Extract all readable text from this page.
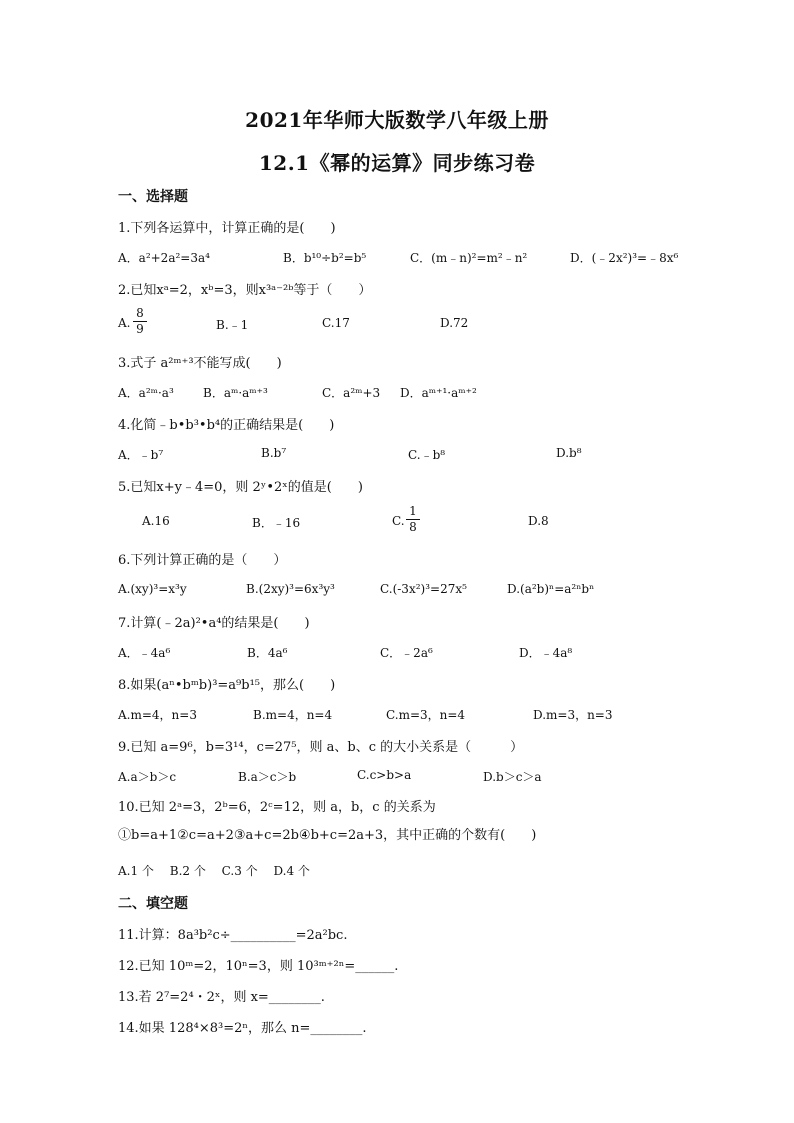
2021年华师大版数学八年级上册
12.1《幂的运算》同步练习卷
一、选择题
1.下列各运算中，计算正确的是(　　)
A．a²+2a²=3a⁴	B．b¹⁰÷b²=b⁵	C．(m﹣n)²=m²﹣n²	D．(﹣2x²)³=﹣8x⁶
2.已知xᵃ=2，xᵇ=3，则x³ᵃ⁻²ᵇ等于（　　）
A. $\frac{8}{9}$	B.﹣1	C.17	D.72
3.式子 a²ᵐ⁺³不能写成(　　)
A．a²ᵐ·a³ B．aᵐ·aᵐ⁺³	C．a²ᵐ+3 D．aᵐ⁺¹·aᵐ⁺²
4.化简﹣b•b³•b⁴的正确结果是(　　)
A．﹣b⁷	B.b⁷	C.﹣b⁸	D.b⁸
5.已知x+y﹣4=0，则 2ʸ•2ˣ的值是(　　)
A.16	B．﹣16	C. $\frac{1}{8}$	D.8
6.下列计算正确的是（　　）
A.(xy)³=x³y	B.(2xy)³=6x³y³	C.(-3x²)³=27x⁵	D.(a²b)ⁿ=a²ⁿbⁿ
7.计算(﹣2a)²•a⁴的结果是(　　)
A．﹣4a⁶	B．4a⁶	C．﹣2a⁶	D．﹣4a⁸
8.如果(aⁿ•bᵐb)³=a⁹b¹⁵，那么(　　)
A.m=4，n=3	B.m=4，n=4	C.m=3，n=4	D.m=3，n=3
9.已知 a=9⁶，b=3¹⁴，c=27⁵，则 a、b、c 的大小关系是（　　　）
A.a＞b＞c	B.a＞c＞b	C.c>b>a	D.b＞c＞a
10.已知 2ᵃ=3，2ᵇ=6，2ᶜ=12，则 a，b，c 的关系为①b=a+1②c=a+2③a+c=2b④b+c=2a+3，其中正确的个数有(　　)
A.1 个　 B.2 个　 C.3 个　 D.4 个
二、填空题
11.计算：8a³b²c÷__________=2a²bc.
12.已知 10ᵐ=2，10ⁿ=3，则 10³ᵐ⁺²ⁿ=______.
13.若 2⁷=2⁴・2ˣ，则 x=________.
14.如果 128⁴×8³=2ⁿ，那么 n=________.
